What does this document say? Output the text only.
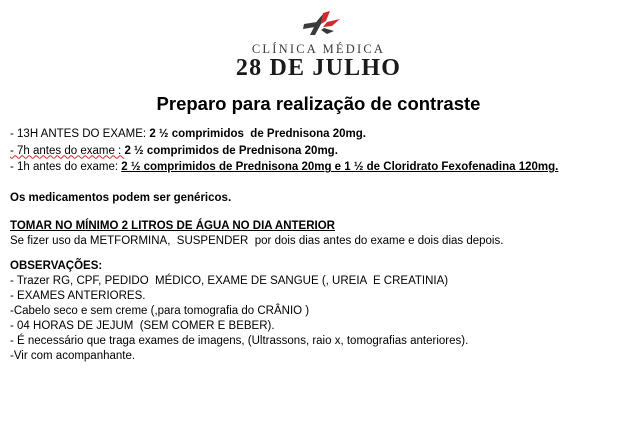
CLÍNICA MÉDICA
28 DE JULHO
Preparo para realização de contraste

- 13H ANTES DO EXAME: 2 ½ comprimidos  de Prednisona 20mg.

- 7h antes do exame : 2 ½ comprimidos de Prednisona 20mg.

- 1h antes do exame: 2 ½ comprimidos de Prednisona 20mg e 1 ½ de Cloridrato Fexofenadina 120mg.

Os medicamentos podem ser genéricos.

TOMAR NO MÍNIMO 2 LITROS DE ÁGUA NO DIA ANTERIOR

Se fizer uso da METFORMINA,  SUSPENDER  por dois dias antes do exame e dois dias depois.

OBSERVAÇÕES:

- Trazer RG, CPF, PEDIDO  MÉDICO, EXAME DE SANGUE (, UREIA  E CREATINIA)

- EXAMES ANTERIORES.

-Cabelo seco e sem creme (,para tomografia do CRÂNIO )

- 04 HORAS DE JEJUM  (SEM COMER E BEBER).

- É necessário que traga exames de imagens, (Ultrassons, raio x, tomografias anteriores).

-Vir com acompanhante.
